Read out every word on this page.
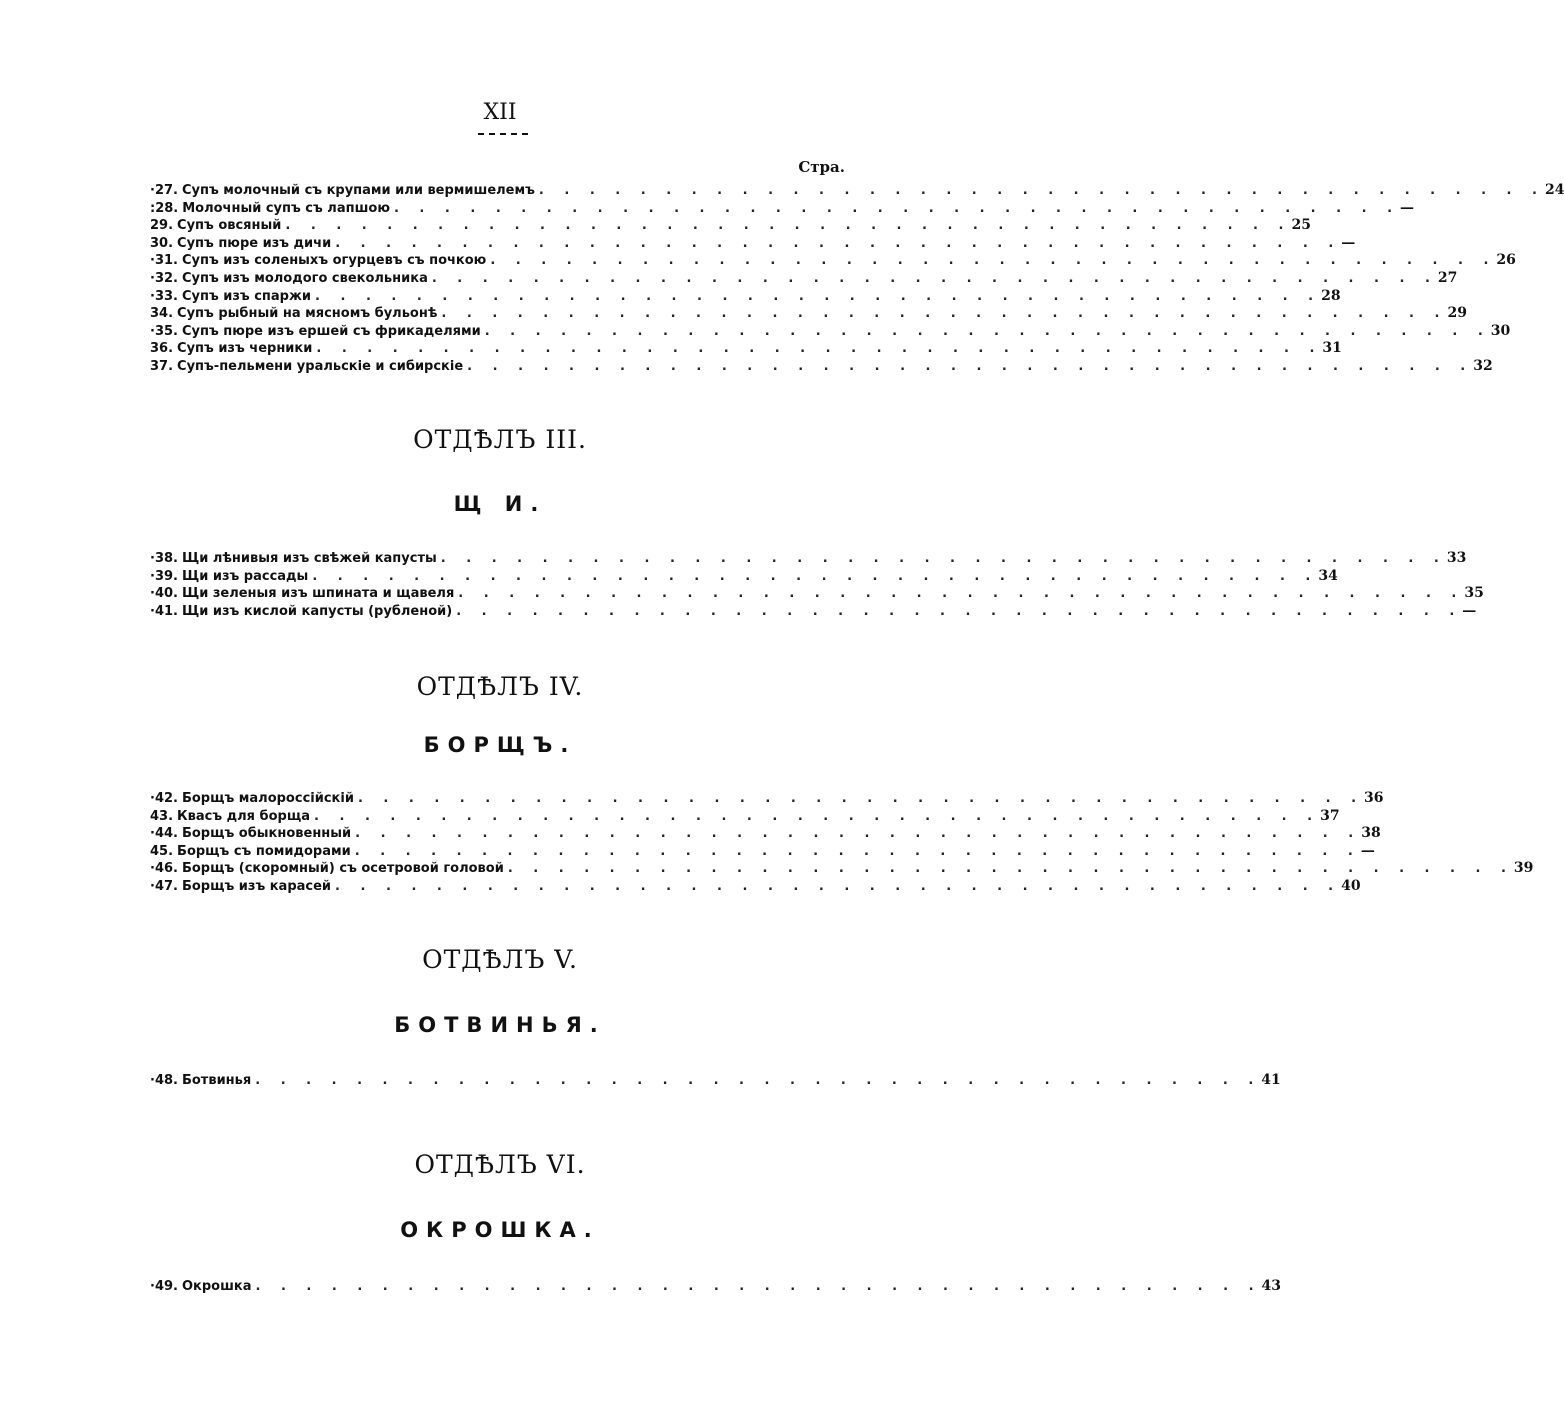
XII
Стра.
·27. Супъ молочный съ крупами или вермишелемъ . . . . . . . . . . . . . . . . . . . . . . . . . . . . . . . . . . . . . . . . 24
:28. Молочный супъ съ лапшою . . . . . . . . . . . . . . . . . . . . . . . . . . . . . . . . . . . . . . . . —
29. Супъ овсяный . . . . . . . . . . . . . . . . . . . . . . . . . . . . . . . . . . . . . . . . 25
30. Супъ пюре изъ дичи . . . . . . . . . . . . . . . . . . . . . . . . . . . . . . . . . . . . . . . . —
·31. Супъ изъ соленыхъ огурцевъ съ почкою . . . . . . . . . . . . . . . . . . . . . . . . . . . . . . . . . . . . . . . . 26
·32. Супъ изъ молодого свекольника . . . . . . . . . . . . . . . . . . . . . . . . . . . . . . . . . . . . . . . . 27
·33. Супъ изъ спаржи . . . . . . . . . . . . . . . . . . . . . . . . . . . . . . . . . . . . . . . . 28
34. Супъ рыбный на мясномъ бульонѣ . . . . . . . . . . . . . . . . . . . . . . . . . . . . . . . . . . . . . . . . 29
·35. Супъ пюре изъ ершей съ фрикаделями . . . . . . . . . . . . . . . . . . . . . . . . . . . . . . . . . . . . . . . . 30
36. Супъ изъ черники . . . . . . . . . . . . . . . . . . . . . . . . . . . . . . . . . . . . . . . . 31
37. Супъ-пельмени уральскіе и сибирскіе . . . . . . . . . . . . . . . . . . . . . . . . . . . . . . . . . . . . . . . . 32
ОТДѢЛЪ III.
Щ И.
·38. Щи лѣнивыя изъ свѣжей капусты . . . . . . . . . . . . . . . . . . . . . . . . . . . . . . . . . . . . . . . . 33
·39. Щи изъ рассады . . . . . . . . . . . . . . . . . . . . . . . . . . . . . . . . . . . . . . . . 34
·40. Щи зеленыя изъ шпината и щавеля . . . . . . . . . . . . . . . . . . . . . . . . . . . . . . . . . . . . . . . . 35
·41. Щи изъ кислой капусты (рубленой) . . . . . . . . . . . . . . . . . . . . . . . . . . . . . . . . . . . . . . . . —
ОТДѢЛЪ IV.
БОРЩЪ.
·42. Борщъ малороссійскій . . . . . . . . . . . . . . . . . . . . . . . . . . . . . . . . . . . . . . . . 36
43. Квасъ для борща . . . . . . . . . . . . . . . . . . . . . . . . . . . . . . . . . . . . . . . . 37
·44. Борщъ обыкновенный . . . . . . . . . . . . . . . . . . . . . . . . . . . . . . . . . . . . . . . . 38
45. Борщъ съ помидорами . . . . . . . . . . . . . . . . . . . . . . . . . . . . . . . . . . . . . . . . —
·46. Борщъ (скоромный) съ осетровой головой . . . . . . . . . . . . . . . . . . . . . . . . . . . . . . . . . . . . . . . . 39
·47. Борщъ изъ карасей . . . . . . . . . . . . . . . . . . . . . . . . . . . . . . . . . . . . . . . . 40
ОТДѢЛЪ V.
БОТВИНЬЯ.
·48. Ботвинья . . . . . . . . . . . . . . . . . . . . . . . . . . . . . . . . . . . . . . . . 41
ОТДѢЛЪ VI.
ОКРОШКА.
·49. Окрошка . . . . . . . . . . . . . . . . . . . . . . . . . . . . . . . . . . . . . . . . 43
